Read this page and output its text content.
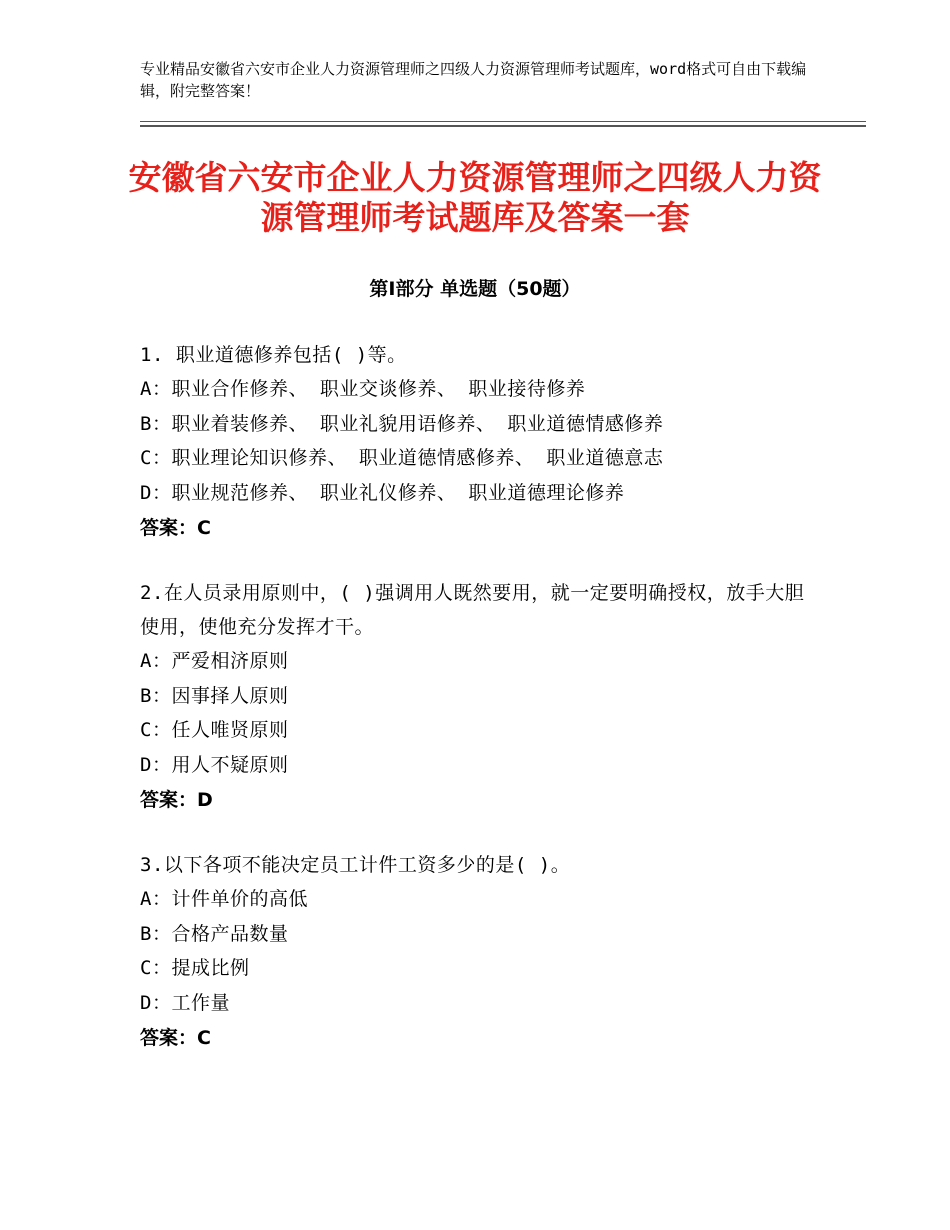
专业精品安徽省六安市企业人力资源管理师之四级人力资源管理师考试题库，word格式可自由下载编辑，附完整答案！
安徽省六安市企业人力资源管理师之四级人力资源管理师考试题库及答案一套
第Ⅰ部分 单选题（50题）
1. 职业道德修养包括( )等。
A：职业合作修养、 职业交谈修养、 职业接待修养
B：职业着装修养、 职业礼貌用语修养、 职业道德情感修养
C：职业理论知识修养、 职业道德情感修养、 职业道德意志
D：职业规范修养、 职业礼仪修养、 职业道德理论修养
答案：C
2.在人员录用原则中，( )强调用人既然要用，就一定要明确授权，放手大胆使用，使他充分发挥才干。
A：严爱相济原则
B：因事择人原则
C：任人唯贤原则
D：用人不疑原则
答案：D
3.以下各项不能决定员工计件工资多少的是( )。
A：计件单价的高低
B：合格产品数量
C：提成比例
D：工作量
答案：C
